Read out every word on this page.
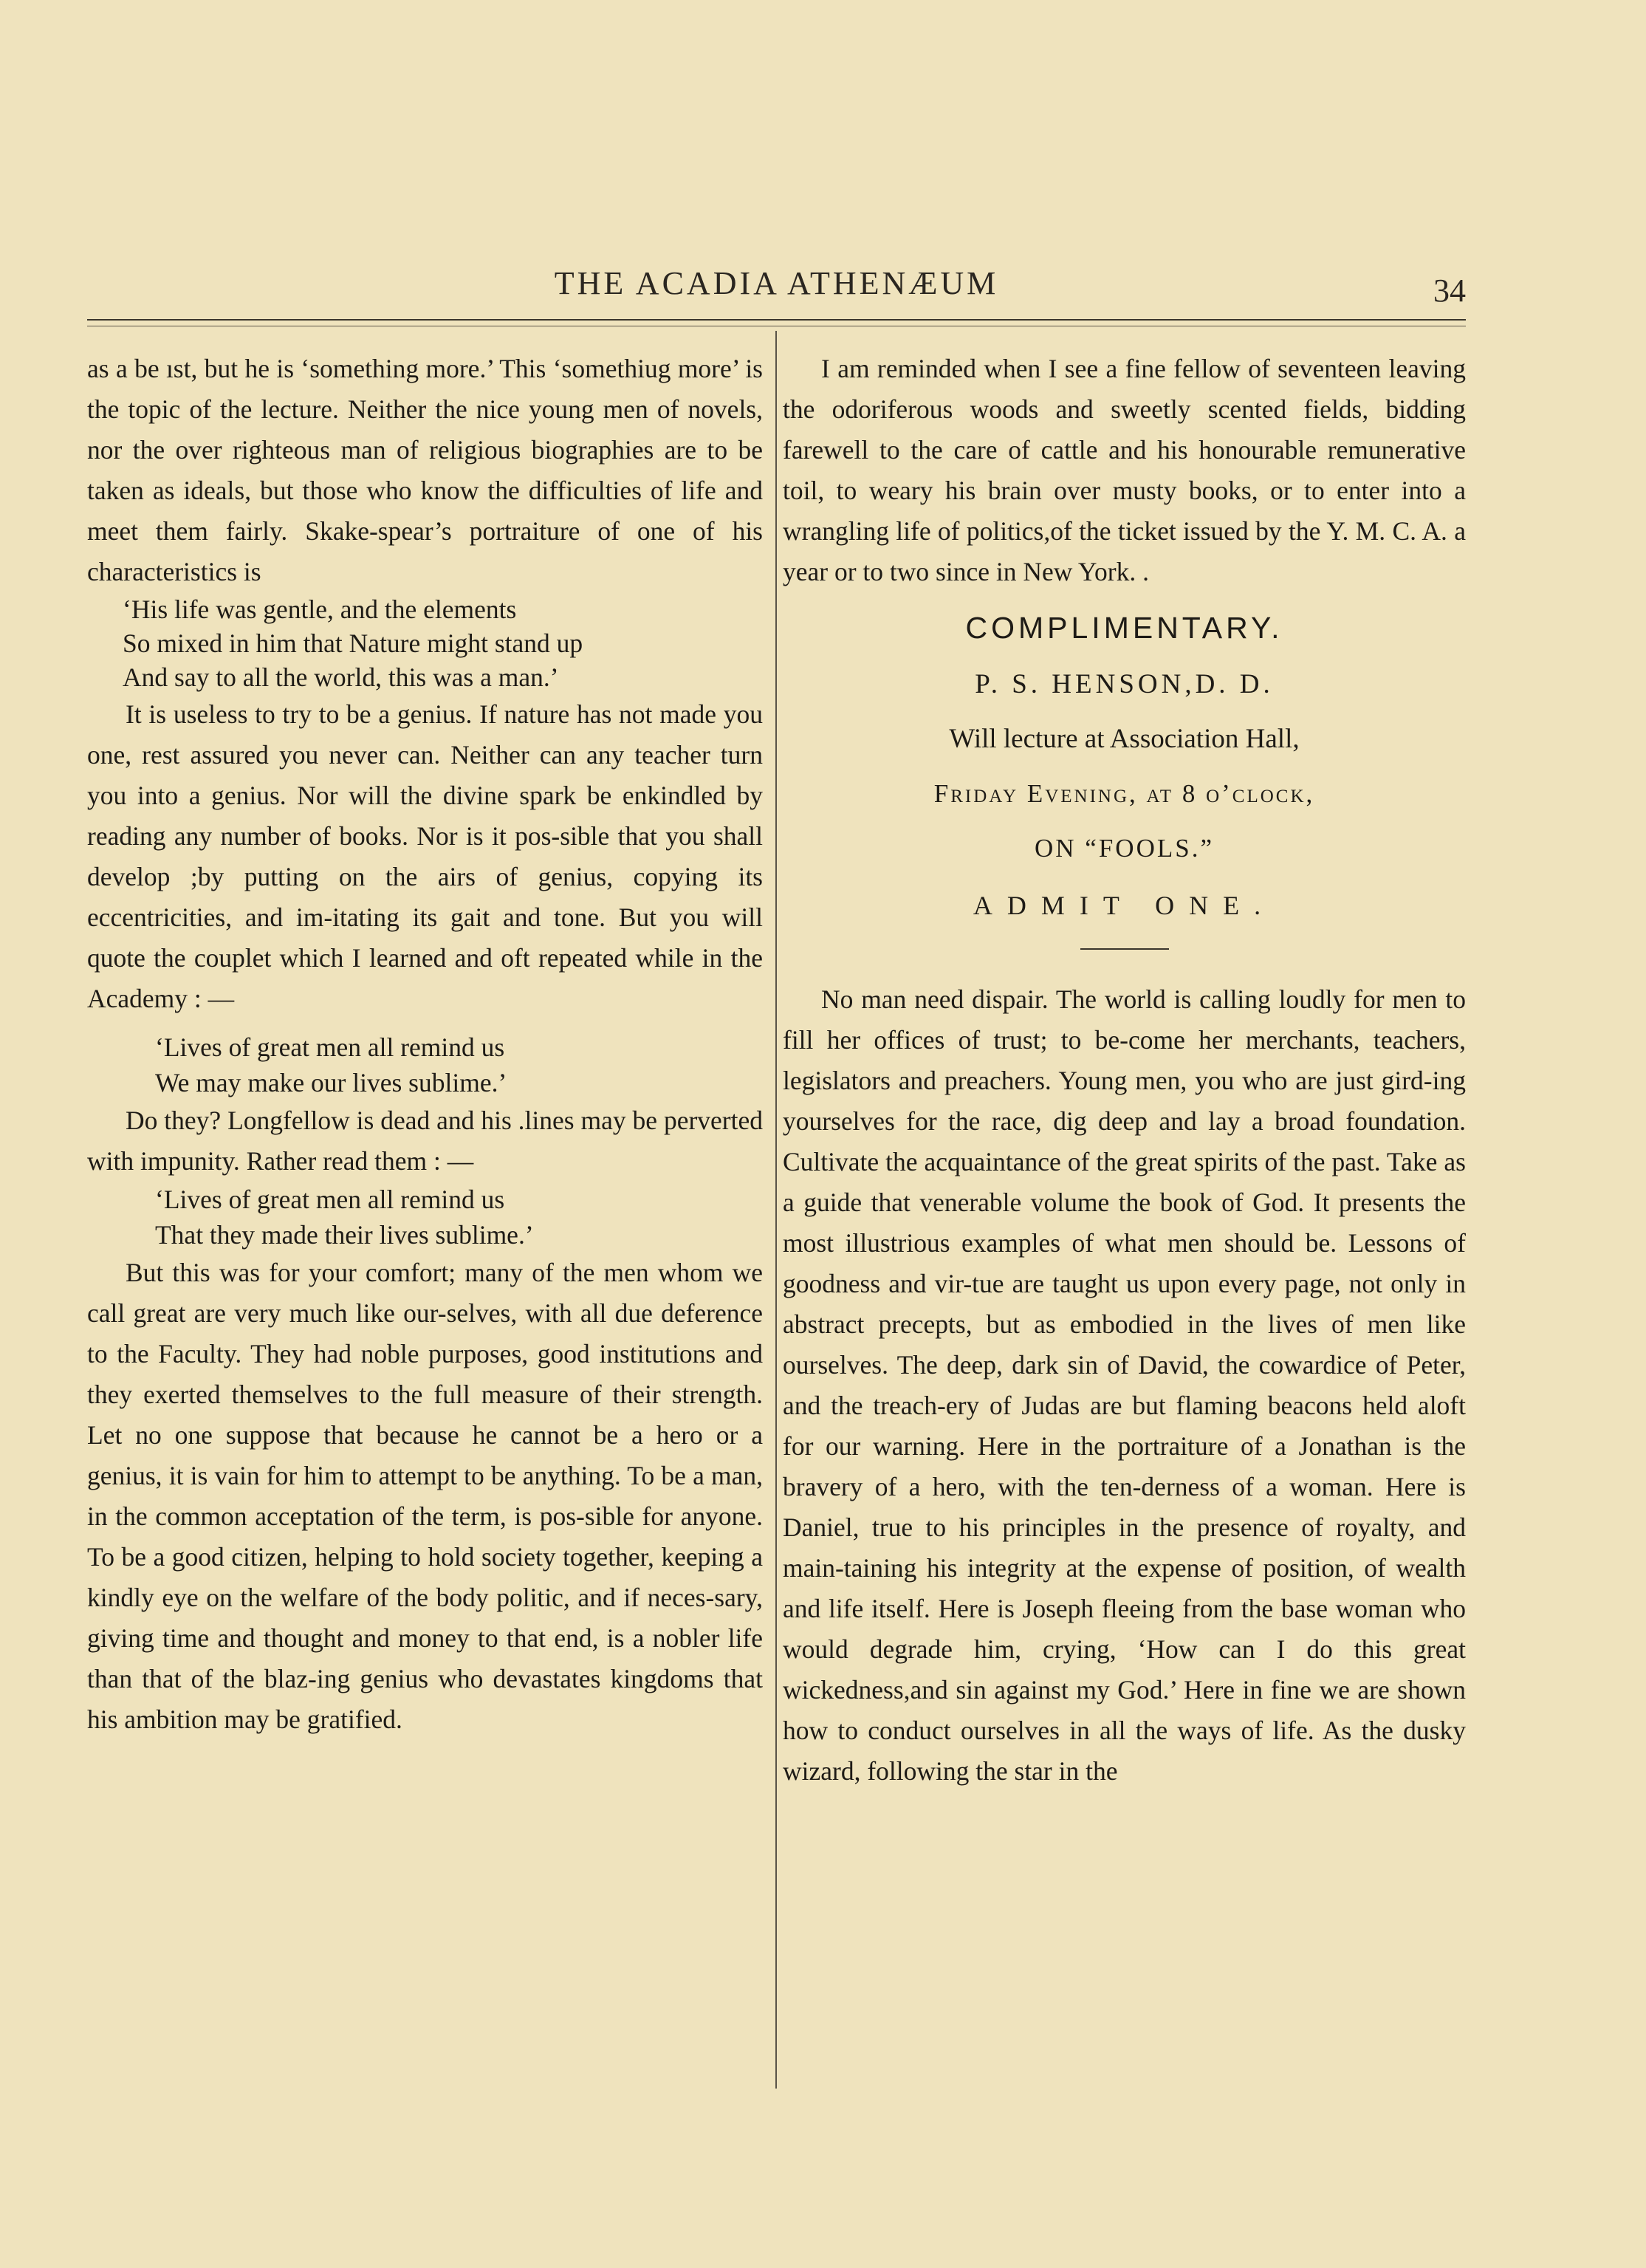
THE ACADIA ATHENÆUM	34

as a be ıst, but he is ‘something more.’ This ‘somethiug more’ is the topic of the lecture. Neither the nice young men of novels, nor the over righteous man of religious biographies are to be taken as ideals, but those who know the difficulties of life and meet them fairly. Skake-spear’s portraiture of one of his characteristics is

‘His life was gentle, and the elements

So mixed in him that Nature might stand up

And say to all the world, this was a man.’

It is useless to try to be a genius. If nature has not made you one, rest assured you never can. Neither can any teacher turn you into a genius. Nor will the divine spark be enkindled by reading any number of books. Nor is it pos-sible that you shall develop ;by putting on the airs of genius, copying its eccentricities, and im-itating its gait and tone. But you will quote the couplet which I learned and oft repeated while in the Academy : —

‘Lives of great men all remind us

We may make our lives sublime.’

Do they? Longfellow is dead and his .lines may be perverted with impunity. Rather read them : —

‘Lives of great men all remind us

That they made their lives sublime.’

But this was for your comfort; many of the men whom we call great are very much like our-selves, with all due deference to the Faculty. They had noble purposes, good institutions and they exerted themselves to the full measure of their strength. Let no one suppose that because he cannot be a hero or a genius, it is vain for him to attempt to be anything. To be a man, in the common acceptation of the term, is pos-sible for anyone. To be a good citizen, helping to hold society together, keeping a kindly eye on the welfare of the body politic, and if neces-sary, giving time and thought and money to that end, is a nobler life than that of the blaz-ing genius who devastates kingdoms that his ambition may be gratified.

I am reminded when I see a fine fellow of seventeen leaving the odoriferous woods and sweetly scented fields, bidding farewell to the care of cattle and his honourable remunerative toil, to weary his brain over musty books, or to enter into a wrangling life of politics,of the ticket issued by the Y. M. C. A. a year or to two since in New York. .

COMPLIMENTARY.

P. S. HENSON,D. D.

Will lecture at Association Hall,

Friday Evening, at 8 o’clock,

ON “FOOLS.”

ADMIT ONE.

No man need dispair. The world is calling loudly for men to fill her offices of trust; to be-come her merchants, teachers, legislators and preachers. Young men, you who are just gird-ing yourselves for the race, dig deep and lay a broad foundation. Cultivate the acquaintance of the great spirits of the past. Take as a guide that venerable volume the book of God. It presents the most illustrious examples of what men should be. Lessons of goodness and vir-tue are taught us upon every page, not only in abstract precepts, but as embodied in the lives of men like ourselves. The deep, dark sin of David, the cowardice of Peter, and the treach-ery of Judas are but flaming beacons held aloft for our warning. Here in the portraiture of a Jonathan is the bravery of a hero, with the ten-derness of a woman. Here is Daniel, true to his principles in the presence of royalty, and main-taining his integrity at the expense of position, of wealth and life itself. Here is Joseph fleeing from the base woman who would degrade him, crying, ‘How can I do this great wickedness,and sin against my God.’ Here in fine we are shown how to conduct ourselves in all the ways of life. As the dusky wizard, following the star in the
